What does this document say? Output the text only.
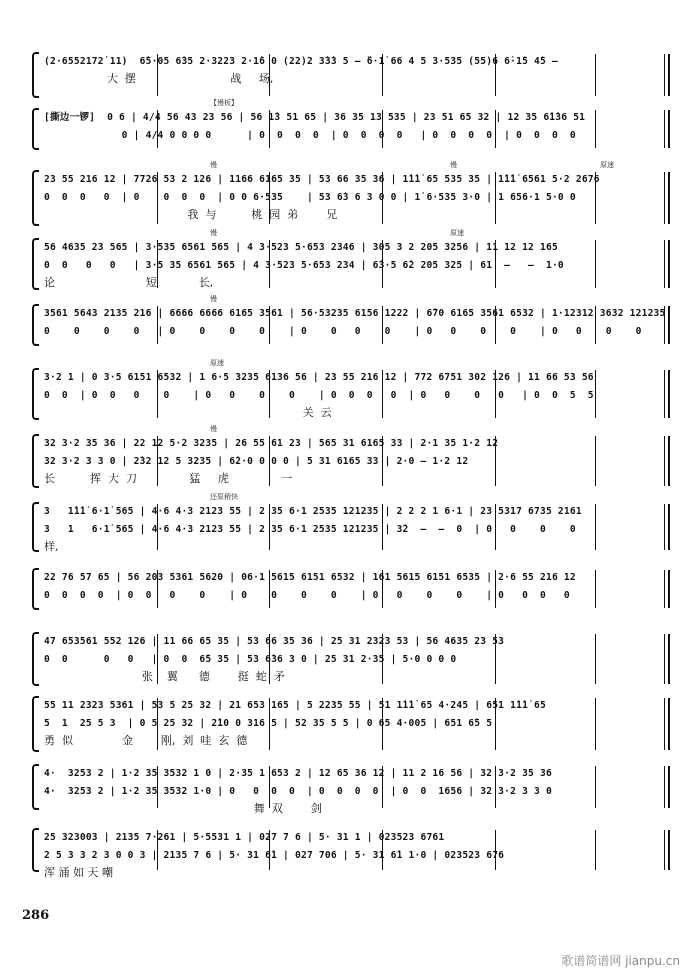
(2·6552172˙11)  6̇5·05 6̇35 2·3223 2·1̇6 0 (22)2 3̇3̇3 5 — ̆6·1̇ 66 4 5 3·535 (55)6 6̇·1̇5 4̇5 —
大  摆                           战     场,
[撕边一锣]  0 6 | 4/4 56 43 23 56 | 56 1̇3 51 65 | 36 35 13 535 | 23 51 65 32 | 12 35 6̇1̇36 51
0 | 4/4 0 0 0 0      | 0  0  0  0  | 0  0  0  0   | 0  0  0  0  | 0  0  0  0
【慢板】
23 55 216 12 | 7726 53 2 126 | 1166 6165 35 | 53 66 35 36 | 1̇1̇1̇ 65 535 35 | 1̇1̇1̇ 6561 5·2 2676
0  0  0   0  | 0    0  0  0  | 0 0 6·535    | 53 6̇3 6 3 0 0 | 1̇ 6·535 3·0 | 1 656·1 5·0 0
我  与          桃  园  弟        兄
慢	慢	原速
56 4635 23 565 | 3·535 6561 565 | 4 3·523 5·653 2346 | 305 3 2 205 3256 | 11 12 12 165
0  0   0   0   | 3·5 35 6561 565 | 4 3·523 5·653 234 | 6̇3·5 6̇2 205 325 | 61  —   —  1·0
论                          短            长,
慢	原速
3561 5643 2135 216 | 6666 6666 6165 3561 | 56·53235 6156 1222 | 6̇70 6165 3561 6532 | 1·12312 3632 121235
0    0    0    0   | 0    0    0    0    | 0    0   0    0    | 0   0    0    0    | 0   0    0    0
慢
3·2 1 | 0 3·5 6151 6532 | 1 6·5 3235 6136 56 | 23 55 216 12 | 772 6751 302 126 | 11 66 53 56
0  0  | 0  0   0    0    | 0   0    0    0    | 0  0  0   0  | 0   0    0   0   | 0  0  5  5
关  云
原速
32 3·2 35 36 | 22 12 5·2 3235 | 26 55 61 23 | 565 31 6165 33 | 2·1 35 1·2 12
32 3·2 3 3 0 | 2̇32 12 5 3235 | 6̇2·0 0 0 0 | 5 31 6165 33 | 2·0 — 1·2 12
长          挥  大  刀               猛     虎               一
慢
3   1̇1̇1̇ 6·1̇ 565 | 4·6 4·3 2123 55 | 2 35 6·1 2535 121235 | 2 2 2 1 6·1 | 23 5317 6735 2161
3   1   6·1̇ 565 | 4·6 4·3 2123 55 | 2 35 6·1 2535 121235 | 3̇2  —  —  0  | 0   0    0    0
样,
还原稍快
22 76 57 65 | 56 203 5361 5620 | 06·1 5615 6151 6532 | 161 5615 6151 6535 | 2·6 55 216 12
0  0  0  0  | 0  0   0    0    | 0    0    0    0    | 0   0    0    0    | 0   0  0   0
47 653561 552 126 | 11 66 65 35 | 53 66 35 36 | 25 31 2323 53 | 56 4635 23 53
0  0      0   0   | 0  0  6̇5 35 | 53 6̇36 3 0 | 25 31 2·35 | 5·0 0 0 0
张    翼      德        挺  蛇  矛
55 11 2323 5361 | 53 5 25 32 | 21 653 165 | 5 2235 55 | 51 1̇1̇1̇ 65 4·245 | 651 1̇1̇1̇ 65
5  1  25 5 3  | 0 5 25 32 | 2̇10 0 316 5 | 52 35 5 5 | 0 65 4·005 | 651 6̇5 5
勇  似              金        刚,  刘  哇  玄  德
4·  3253 2 | 1·2 35 3532 1 0 | 2·35 1 653 2 | 12 65 36 12 | 11 2 16 56 | 32 3·2 35 36
4·  3253 2 | 1·2 35 3532 1·0 | 0   0  0  0  | 0  0  0  0  | 0  0  1656 | 32 3·2 3 3 0
舞  双        剑
25 323003 | 2135 7·261 | 5·5531 1 | 027 7 6 | 5· 31 1 | 023523 6761
2 5 3 3 2 3 0 0 3 | 2135 7 6 | 5· 31 6̇1 | 027 706 | 5· 31 6̇1 1·0 | 023523 676
浑 涌 如 天 嘲
286
歌谱简谱网 jianpu.cn
